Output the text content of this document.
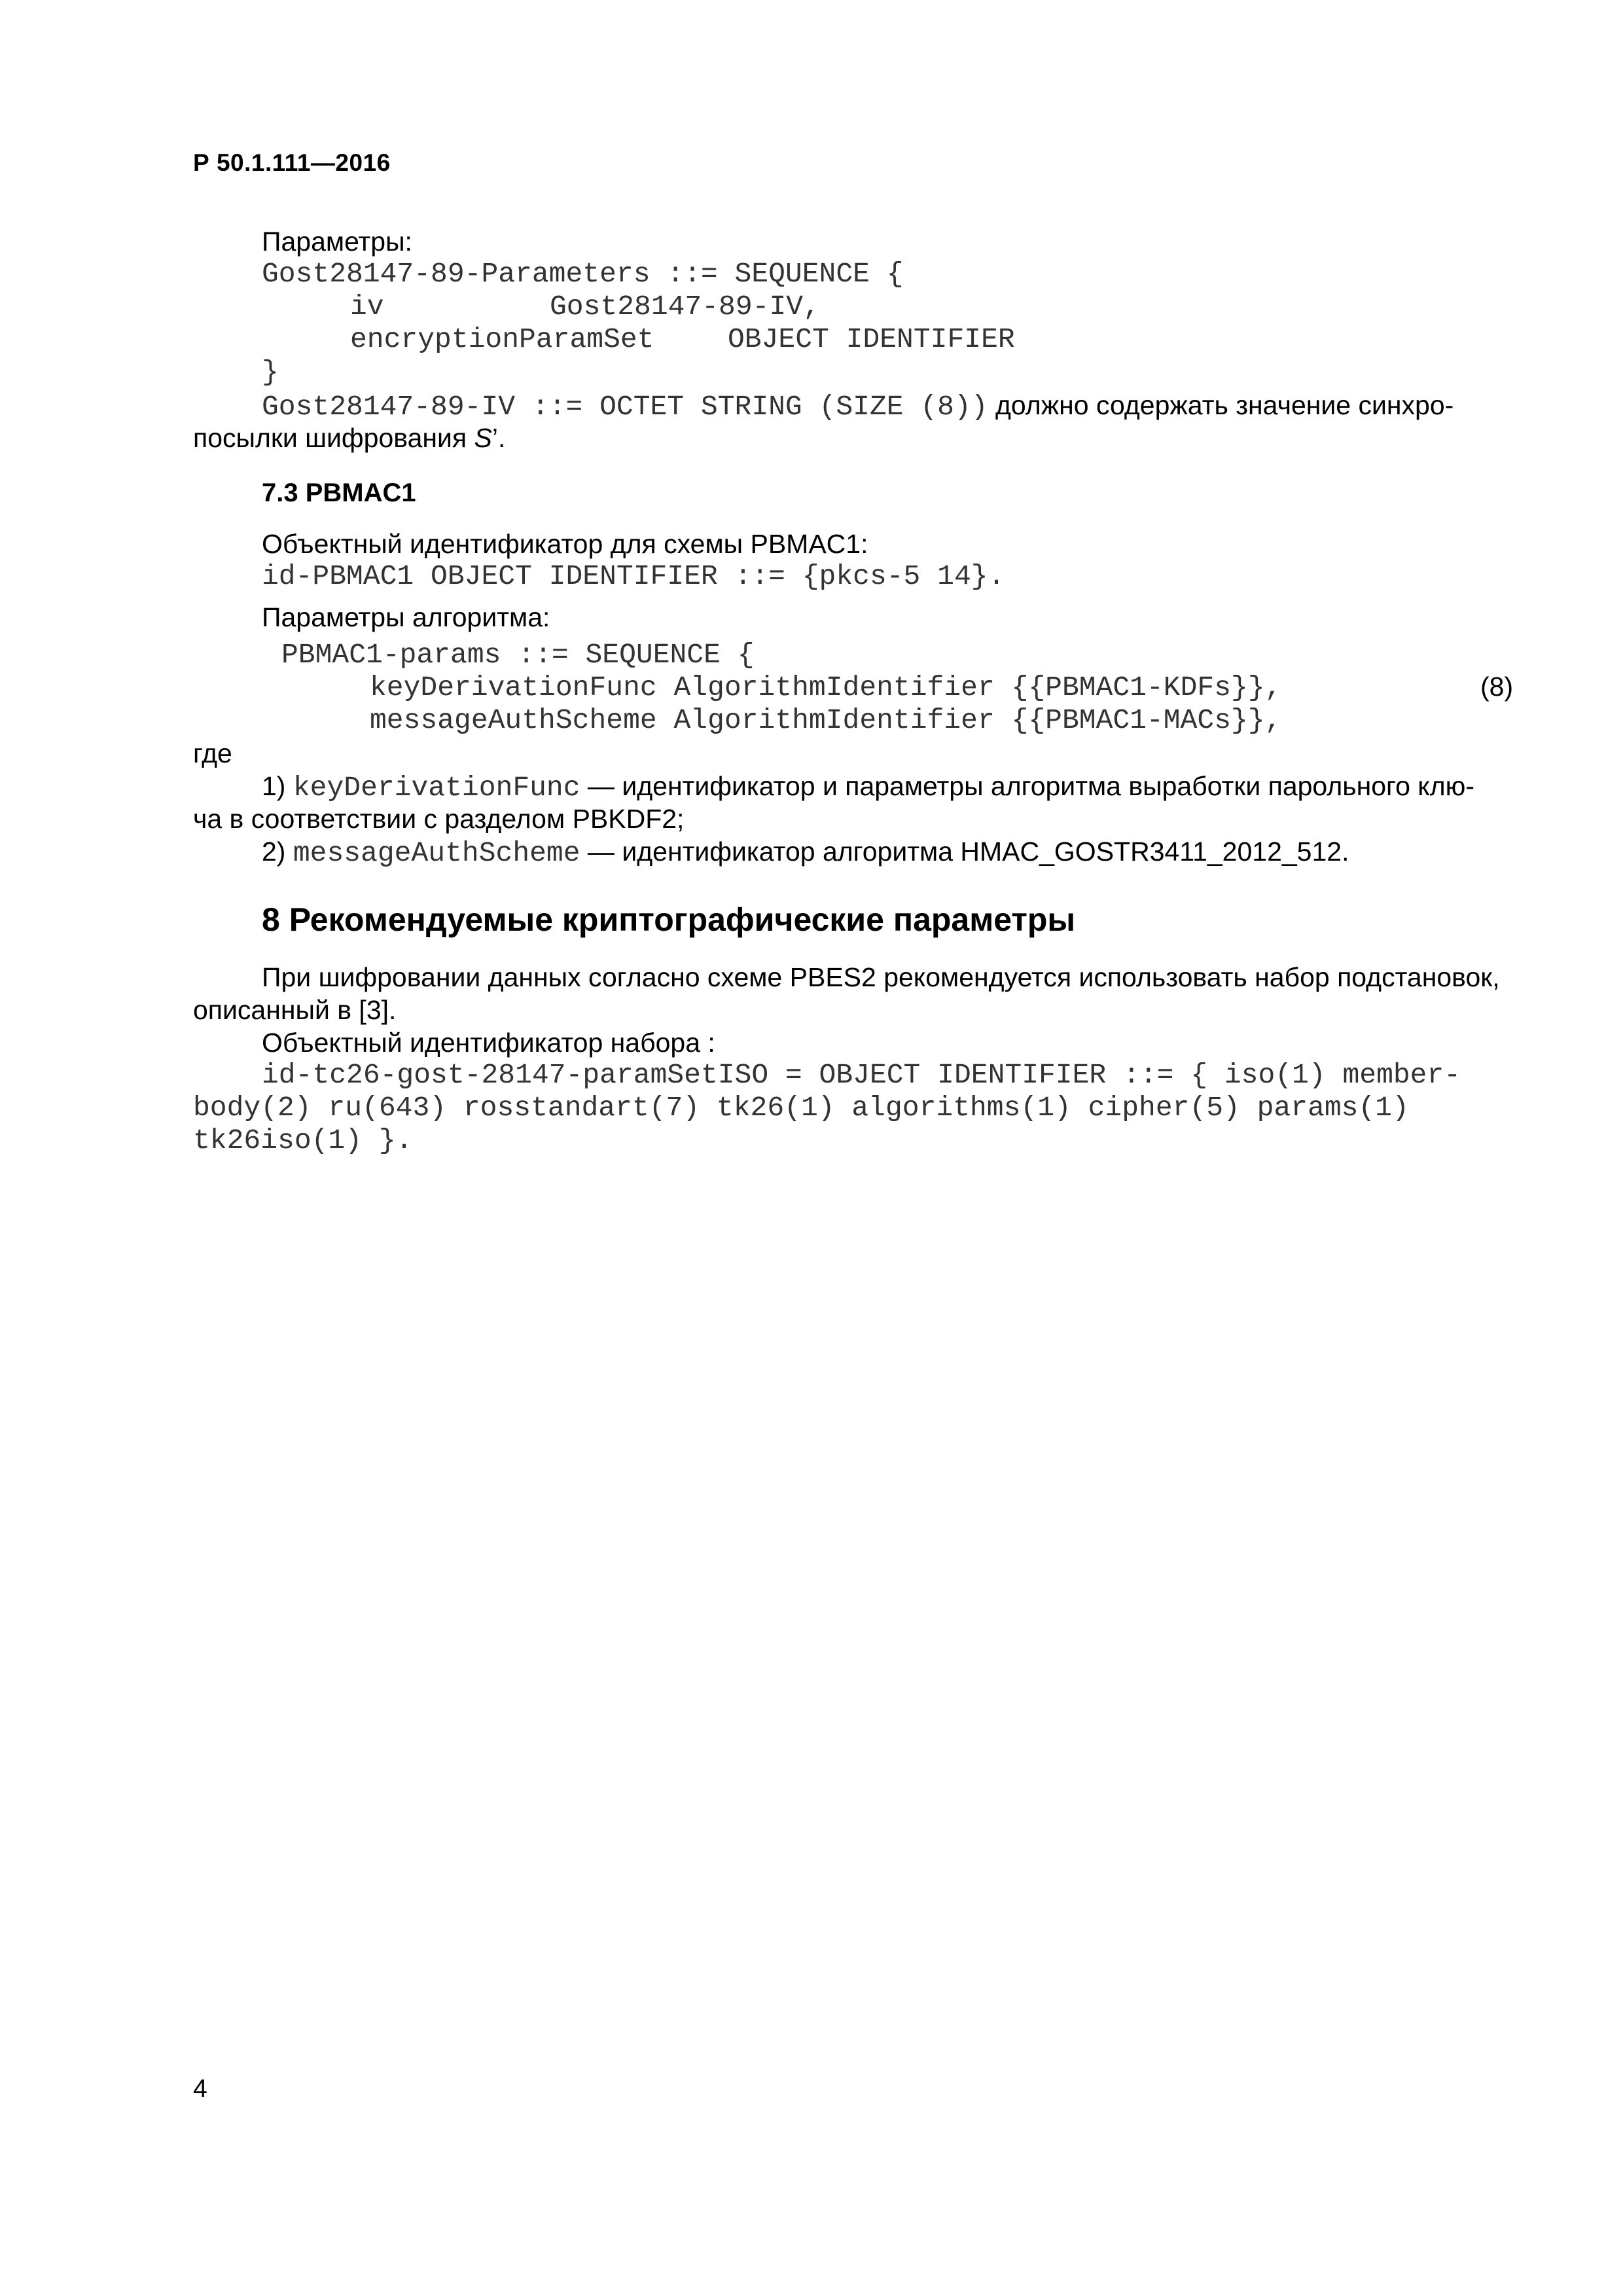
Р 50.1.111—2016
Параметры:
Gost28147-89-Parameters ::= SEQUENCE {
iv	Gost28147-89-IV,
encryptionParamSet	OBJECT IDENTIFIER
}
Gost28147-89-IV ::= OCTET STRING (SIZE (8)) должно содержать значение синхро-
посылки шифрования S’.
7.3 PBMAC1
Объектный идентификатор для схемы PBMAC1:
id-PBMAC1 OBJECT IDENTIFIER ::= {pkcs-5 14}.
Параметры алгоритма:
PBMAC1-params ::= SEQUENCE {
keyDerivationFunc AlgorithmIdentifier {{PBMAC1-KDFs}},	(8)
messageAuthScheme AlgorithmIdentifier {{PBMAC1-MACs}},
где
1) keyDerivationFunc — идентификатор и параметры алгоритма выработки парольного клю-
ча в соответствии с разделом PBKDF2;
2) messageAuthScheme — идентификатор алгоритма HMAC_GOSTR3411_2012_512.
8 Рекомендуемые криптографические параметры
При шифровании данных согласно схеме PBES2 рекомендуется использовать набор подстановок,
описанный в [3].
Объектный идентификатор набора :
id-tc26-gost-28147-paramSetISO = OBJECT IDENTIFIER ::= { iso(1) member-
body(2) ru(643) rosstandart(7) tk26(1) algorithms(1) cipher(5) params(1)
tk26iso(1) }.
4
